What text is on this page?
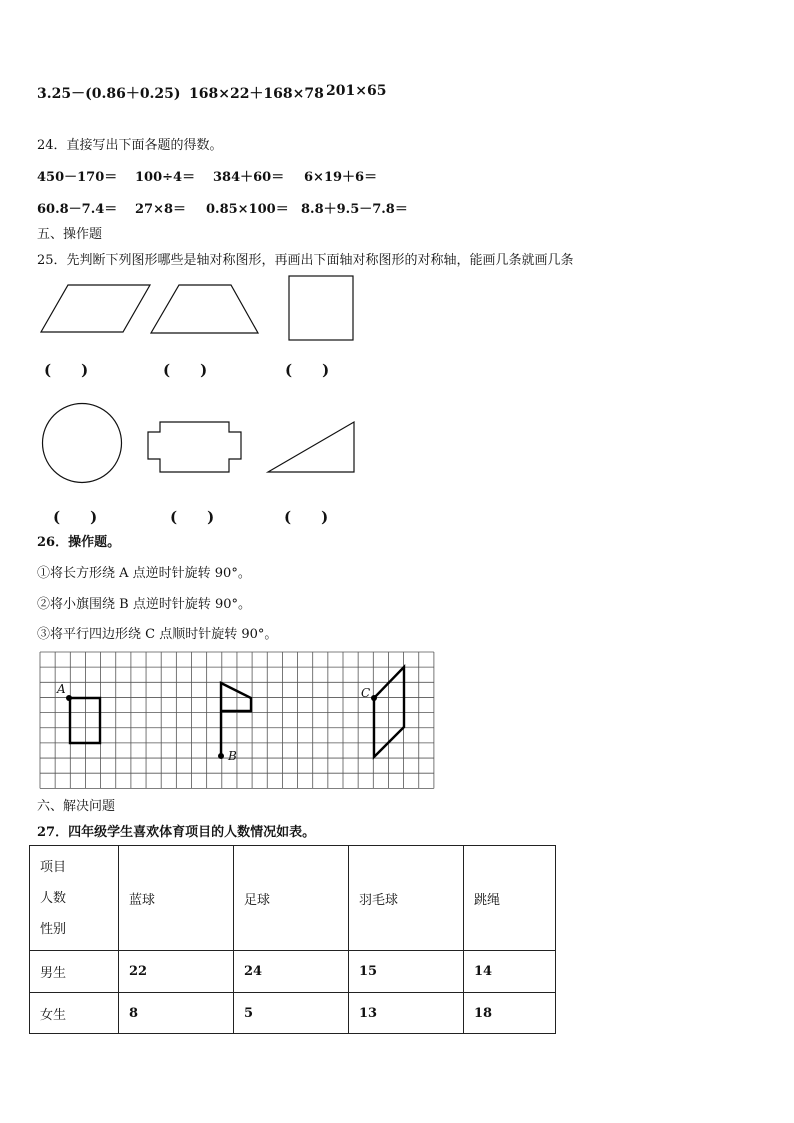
3.25－(0.86＋0.25) 168×22＋168×78 201×65
24．直接写出下面各题的得数。
450－170＝ 100÷4＝ 384＋60＝ 6×19＋6＝
60.8－7.4＝ 27×8＝ 0.85×100＝ 8.8＋9.5－7.8＝
五、操作题
25．先判断下列图形哪些是轴对称图形，再画出下面轴对称图形的对称轴，能画几条就画几条
(　　)	(　　)	(　　)
(　　)	(　　)	(　　)
26．操作题。
①将长方形绕 A 点逆时针旋转 90°。
②将小旗围绕 B 点逆时针旋转 90°。
③将平行四边形绕 C 点顺时针旋转 90°。
A
B
C
六、解决问题
27．四年级学生喜欢体育项目的人数情况如表。
项目
人数
性别	蓝球	足球	羽毛球	跳绳
男生	22	24	15	14
女生	8	5	13	18
